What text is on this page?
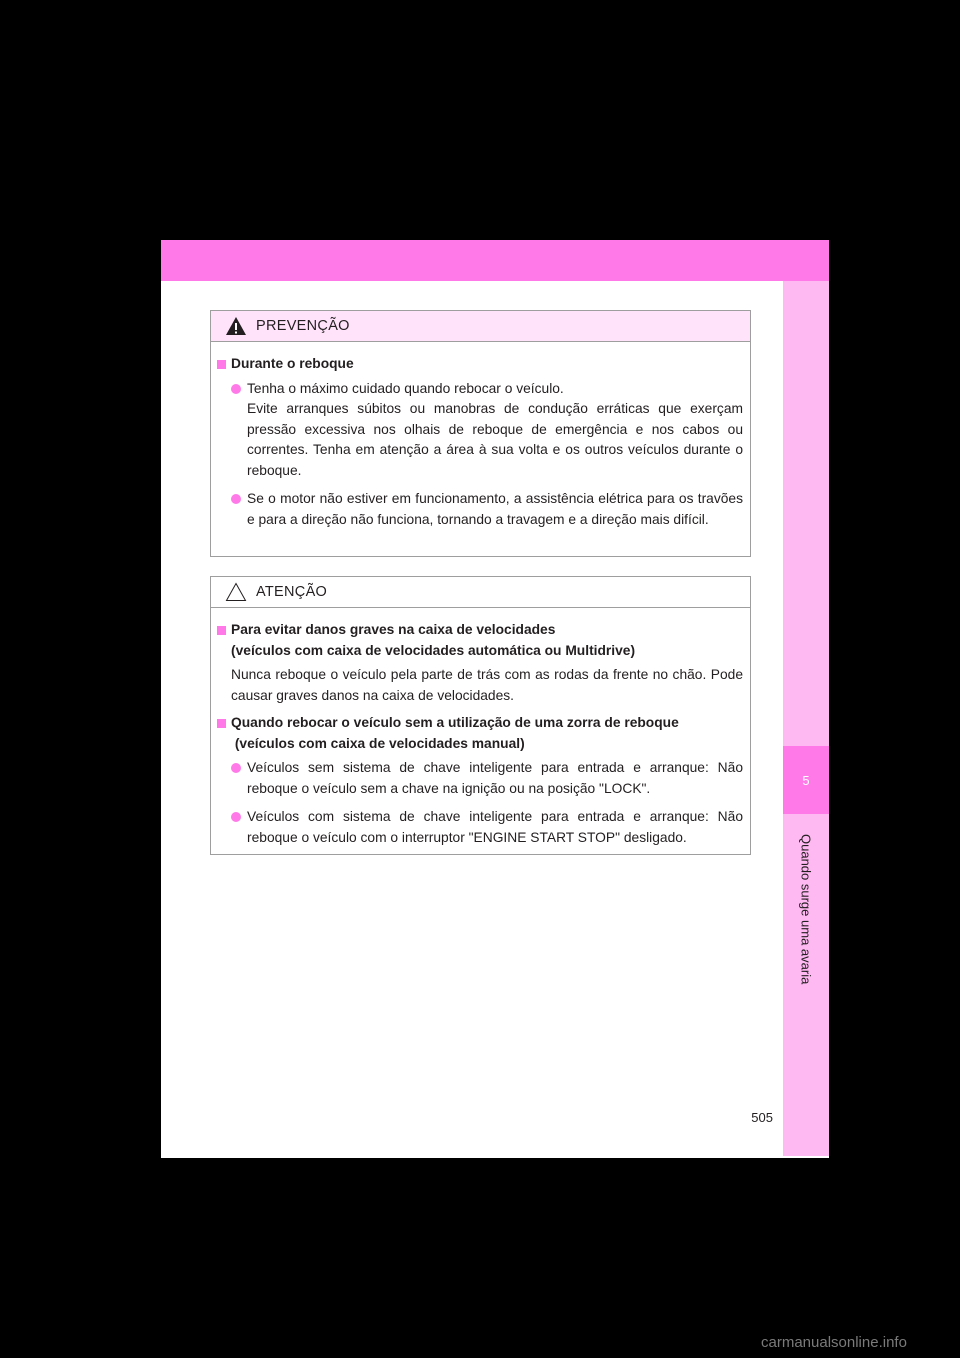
5
Quando surge uma avaria
PREVENÇÃO
Durante o reboque
Tenha o máximo cuidado quando rebocar o veículo.
Evite arranques súbitos ou manobras de condução erráticas que exerçam pressão excessiva nos olhais de reboque de emergência e nos cabos ou correntes. Tenha em atenção a área à sua volta e os outros veículos durante o reboque.
Se o motor não estiver em funcionamento, a assistência elétrica para os travões e para a direção não funciona, tornando a travagem e a direção mais difícil.
ATENÇÃO
Para evitar danos graves na caixa de velocidades
(veículos com caixa de velocidades automática ou Multidrive)
Nunca reboque o veículo pela parte de trás com as rodas da frente no chão. Pode causar graves danos na caixa de velocidades.
Quando rebocar o veículo sem a utilização de uma zorra de reboque
(veículos com caixa de velocidades manual)
Veículos sem sistema de chave inteligente para entrada e arranque: Não reboque o veículo sem a chave na ignição ou na posição "LOCK".
Veículos com sistema de chave inteligente para entrada e arranque: Não reboque o veículo com o interruptor "ENGINE START STOP" desligado.
505
carmanualsonline.info
